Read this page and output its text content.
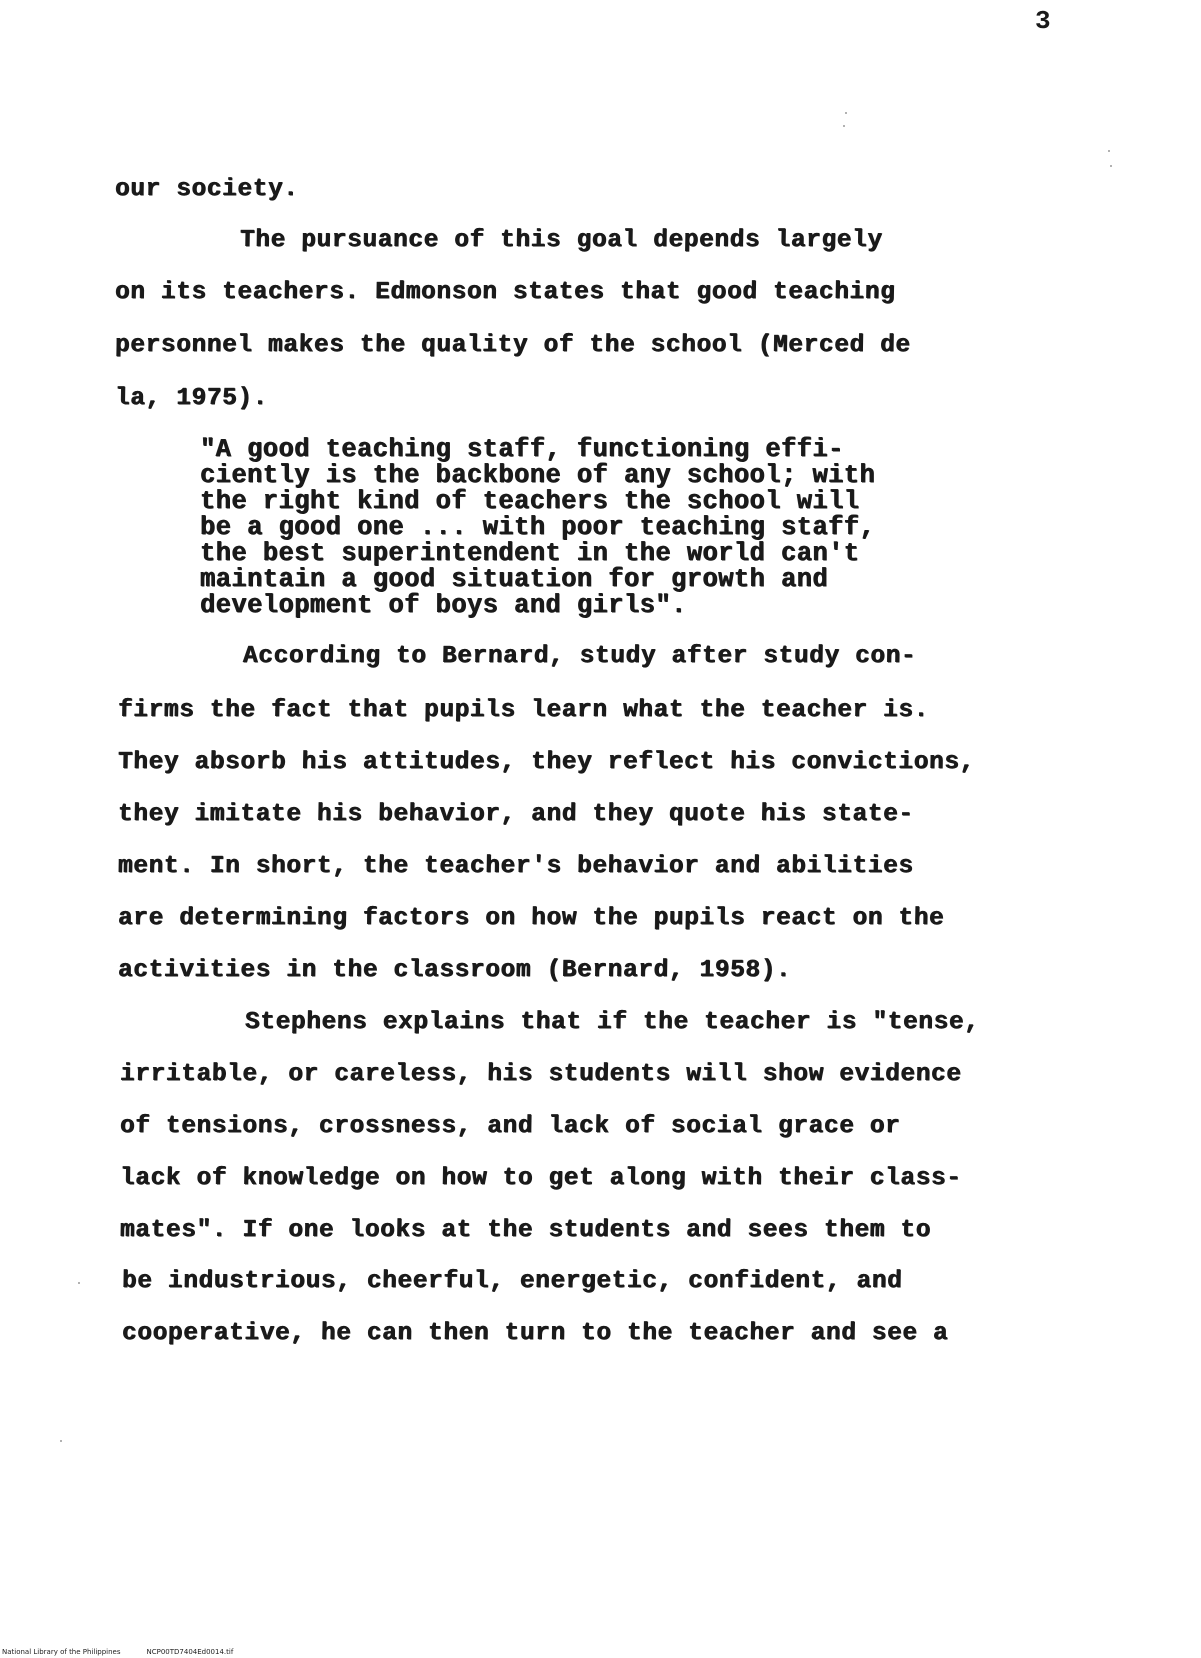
3

our society.

The pursuance of this goal depends largely

on its teachers. Edmonson states that good teaching

personnel makes the quality of the school (Merced de

la, 1975).

"A good teaching staff, functioning effi-

ciently is the backbone of any school; with

the right kind of teachers the school will

be a good one ... with poor teaching staff,

the best superintendent in the world can't

maintain a good situation for growth and

development of boys and girls".

According to Bernard, study after study con-

firms the fact that pupils learn what the teacher is.

They absorb his attitudes, they reflect his convictions,

they imitate his behavior, and they quote his state-

ment. In short, the teacher's behavior and abilities

are determining factors on how the pupils react on the

activities in the classroom (Bernard, 1958).

Stephens explains that if the teacher is "tense,

irritable, or careless, his students will show evidence

of tensions, crossness, and lack of social grace or

lack of knowledge on how to get along with their class-

mates". If one looks at the students and sees them to

be industrious, cheerful, energetic, confident, and

cooperative, he can then turn to the teacher and see a

National Library of the Philippines	NCP00TD7404Ed0014.tif
